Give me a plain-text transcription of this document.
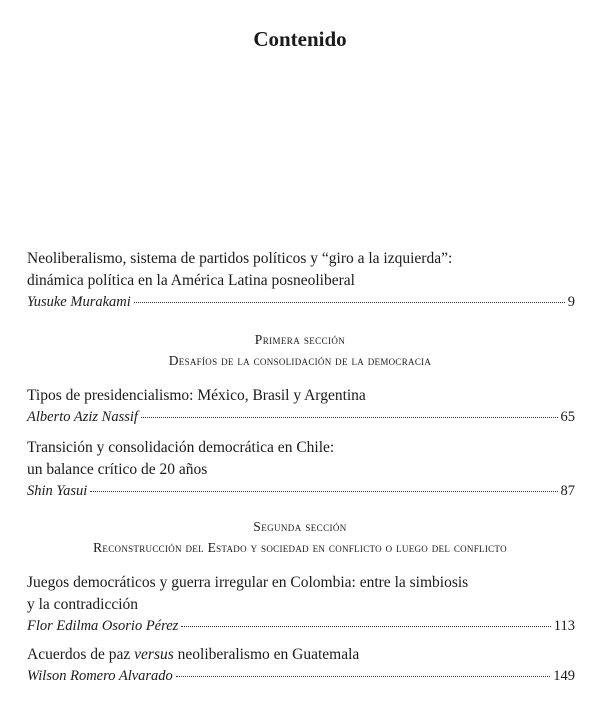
Contenido
Neoliberalismo, sistema de partidos políticos y “giro a la izquierda”:
dinámica política en la América Latina posneoliberal
Yusuke Murakami	9
Primera sección
Desafíos de la consolidación de la democracia
Tipos de presidencialismo: México, Brasil y Argentina
Alberto Aziz Nassif	65
Transición y consolidación democrática en Chile:
un balance crítico de 20 años
Shin Yasui	87
Segunda sección
Reconstrucción del Estado y sociedad en conflicto o luego del conflicto
Juegos democráticos y guerra irregular en Colombia: entre la simbiosis
y la contradicción
Flor Edilma Osorio Pérez	113
Acuerdos de paz versus neoliberalismo en Guatemala
Wilson Romero Alvarado	149
